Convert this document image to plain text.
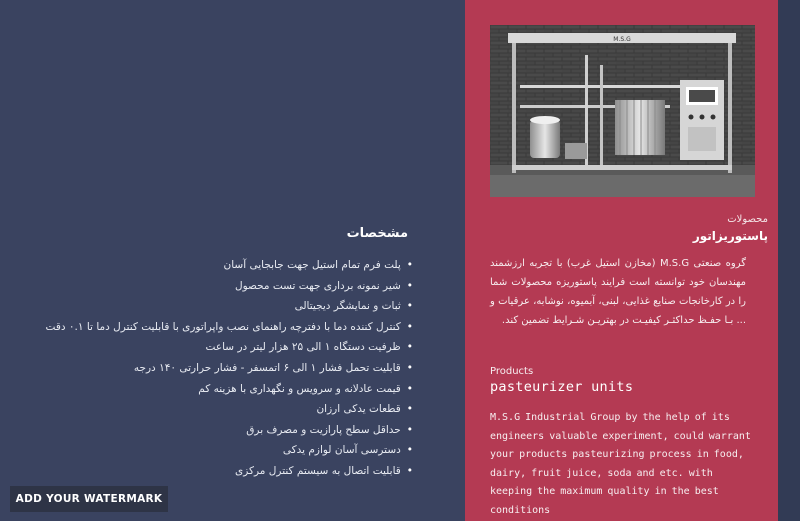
M.S.G
مشخصات
•پلت فرم تمام استیل جهت جابجایی آسان
•شیر نمونه برداری جهت تست محصول
•ثبات و نمایشگر دیجیتالی
•کنترل کننده دما با دفترچه راهنمای نصب واپراتوری با قابلیت کنترل دما تا ۰.۱ دقت
•ظرفیت دستگاه ۱ الی ۲۵ هزار لیتر در ساعت
•قابلیت تحمل فشار ۱ الی ۶ اتمسفر - فشار حرارتی ۱۴۰ درجه
•قیمت عادلانه و سرویس و نگهداری با هزینه کم
•قطعات یدکی ارزان
•حداقل سطح پارازیت و مصرف برق
•دسترسی آسان لوازم یدکی
•قابلیت اتصال به سیستم کنترل مرکزی
محصولات
پاستوریزاتور

گروه صنعتی M.S.G (مخازن استیل غرب) با تجربه ارزشمند مهندسان خود توانسته است فرایند پاستوریزه محصولات شما را در کارخانجات صنایع غذایی، لبنی، آبمیوه، نوشابه، عرقیات و ... بـا حفـظ حداکثـر کیفیـت در بهتریـن شـرایط تضمین کند.

Products
pasteurizer units

M.S.G Industrial Group by the help of its engineers valuable experiment, could warrant your products pasteurizing process in food, dairy, fruit juice, soda and etc. with keeping the maximum quality in the best conditions

ADD YOUR WATERMARK
